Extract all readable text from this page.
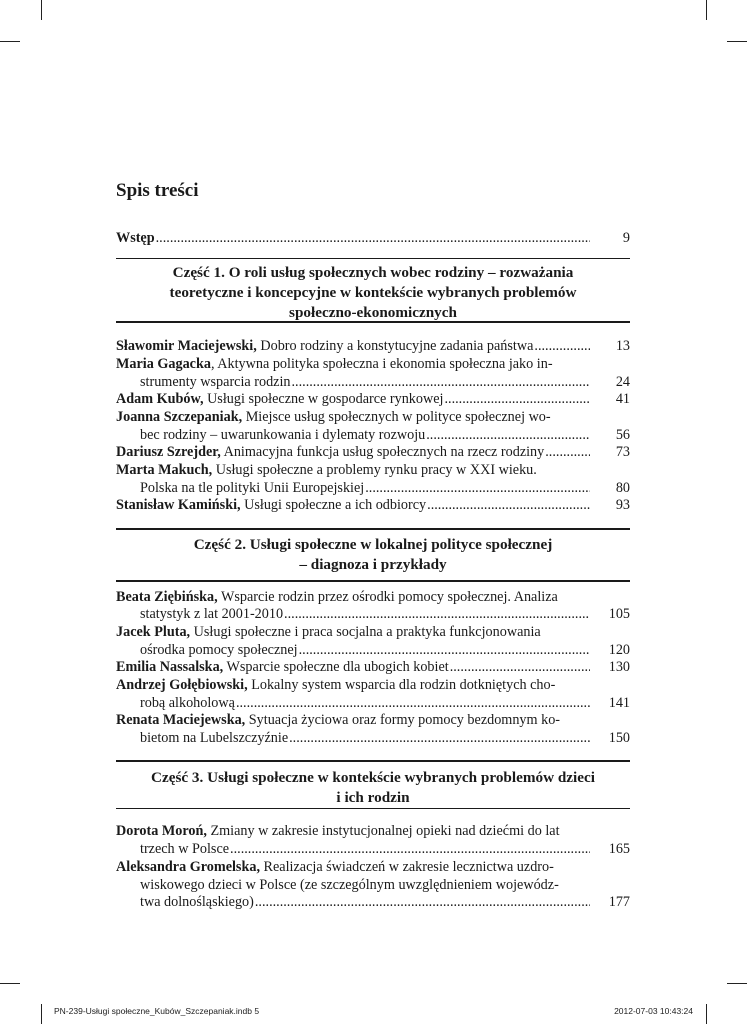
Spis treści
Wstęp .....	9
Część 1. O roli usług społecznych wobec rodziny – rozważania
teoretyczne i koncepcyjne w kontekście wybranych problemów
społeczno-ekonomicznych
Sławomir Maciejewski, Dobro rodziny a konstytucyjne zadania państwa .....	13
Maria Gagacka, Aktywna polityka społeczna i ekonomia społeczna jako in-
strumenty wsparcia rodzin .....	24
Adam Kubów, Usługi społeczne w gospodarce rynkowej .....	41
Joanna Szczepaniak, Miejsce usług społecznych w polityce społecznej wo-
bec rodziny – uwarunkowania i dylematy rozwoju .....	56
Dariusz Szrejder, Animacyjna funkcja usług społecznych na rzecz rodziny .....	73
Marta Makuch, Usługi społeczne a problemy rynku pracy w XXI wieku.
Polska na tle polityki Unii Europejskiej .....	80
Stanisław Kamiński, Usługi społeczne a ich odbiorcy .....	93
Część 2. Usługi społeczne w lokalnej polityce społecznej
– diagnoza i przykłady
Beata Ziębińska, Wsparcie rodzin przez ośrodki pomocy społecznej. Analiza
statystyk z lat 2001-2010 .....	105
Jacek Pluta, Usługi społeczne i praca socjalna a praktyka funkcjonowania
ośrodka pomocy społecznej .....	120
Emilia Nassalska, Wsparcie społeczne dla ubogich kobiet .....	130
Andrzej Gołębiowski, Lokalny system wsparcia dla rodzin dotkniętych cho-
robą alkoholową .....	141
Renata Maciejewska, Sytuacja życiowa oraz formy pomocy bezdomnym ko-
bietom na Lubelszczyźnie .....	150
Część 3. Usługi społeczne w kontekście wybranych problemów dzieci
i ich rodzin
Dorota Moroń, Zmiany w zakresie instytucjonalnej opieki nad dziećmi do lat
trzech w Polsce .....	165
Aleksandra Gromelska, Realizacja świadczeń w zakresie lecznictwa uzdro-
wiskowego dzieci w Polsce (ze szczególnym uwzględnieniem wojewódz-
twa dolnośląskiego) .....	177
PN-239-Usługi społeczne_Kubów_Szczepaniak.indb 5	2012-07-03 10:43:24
